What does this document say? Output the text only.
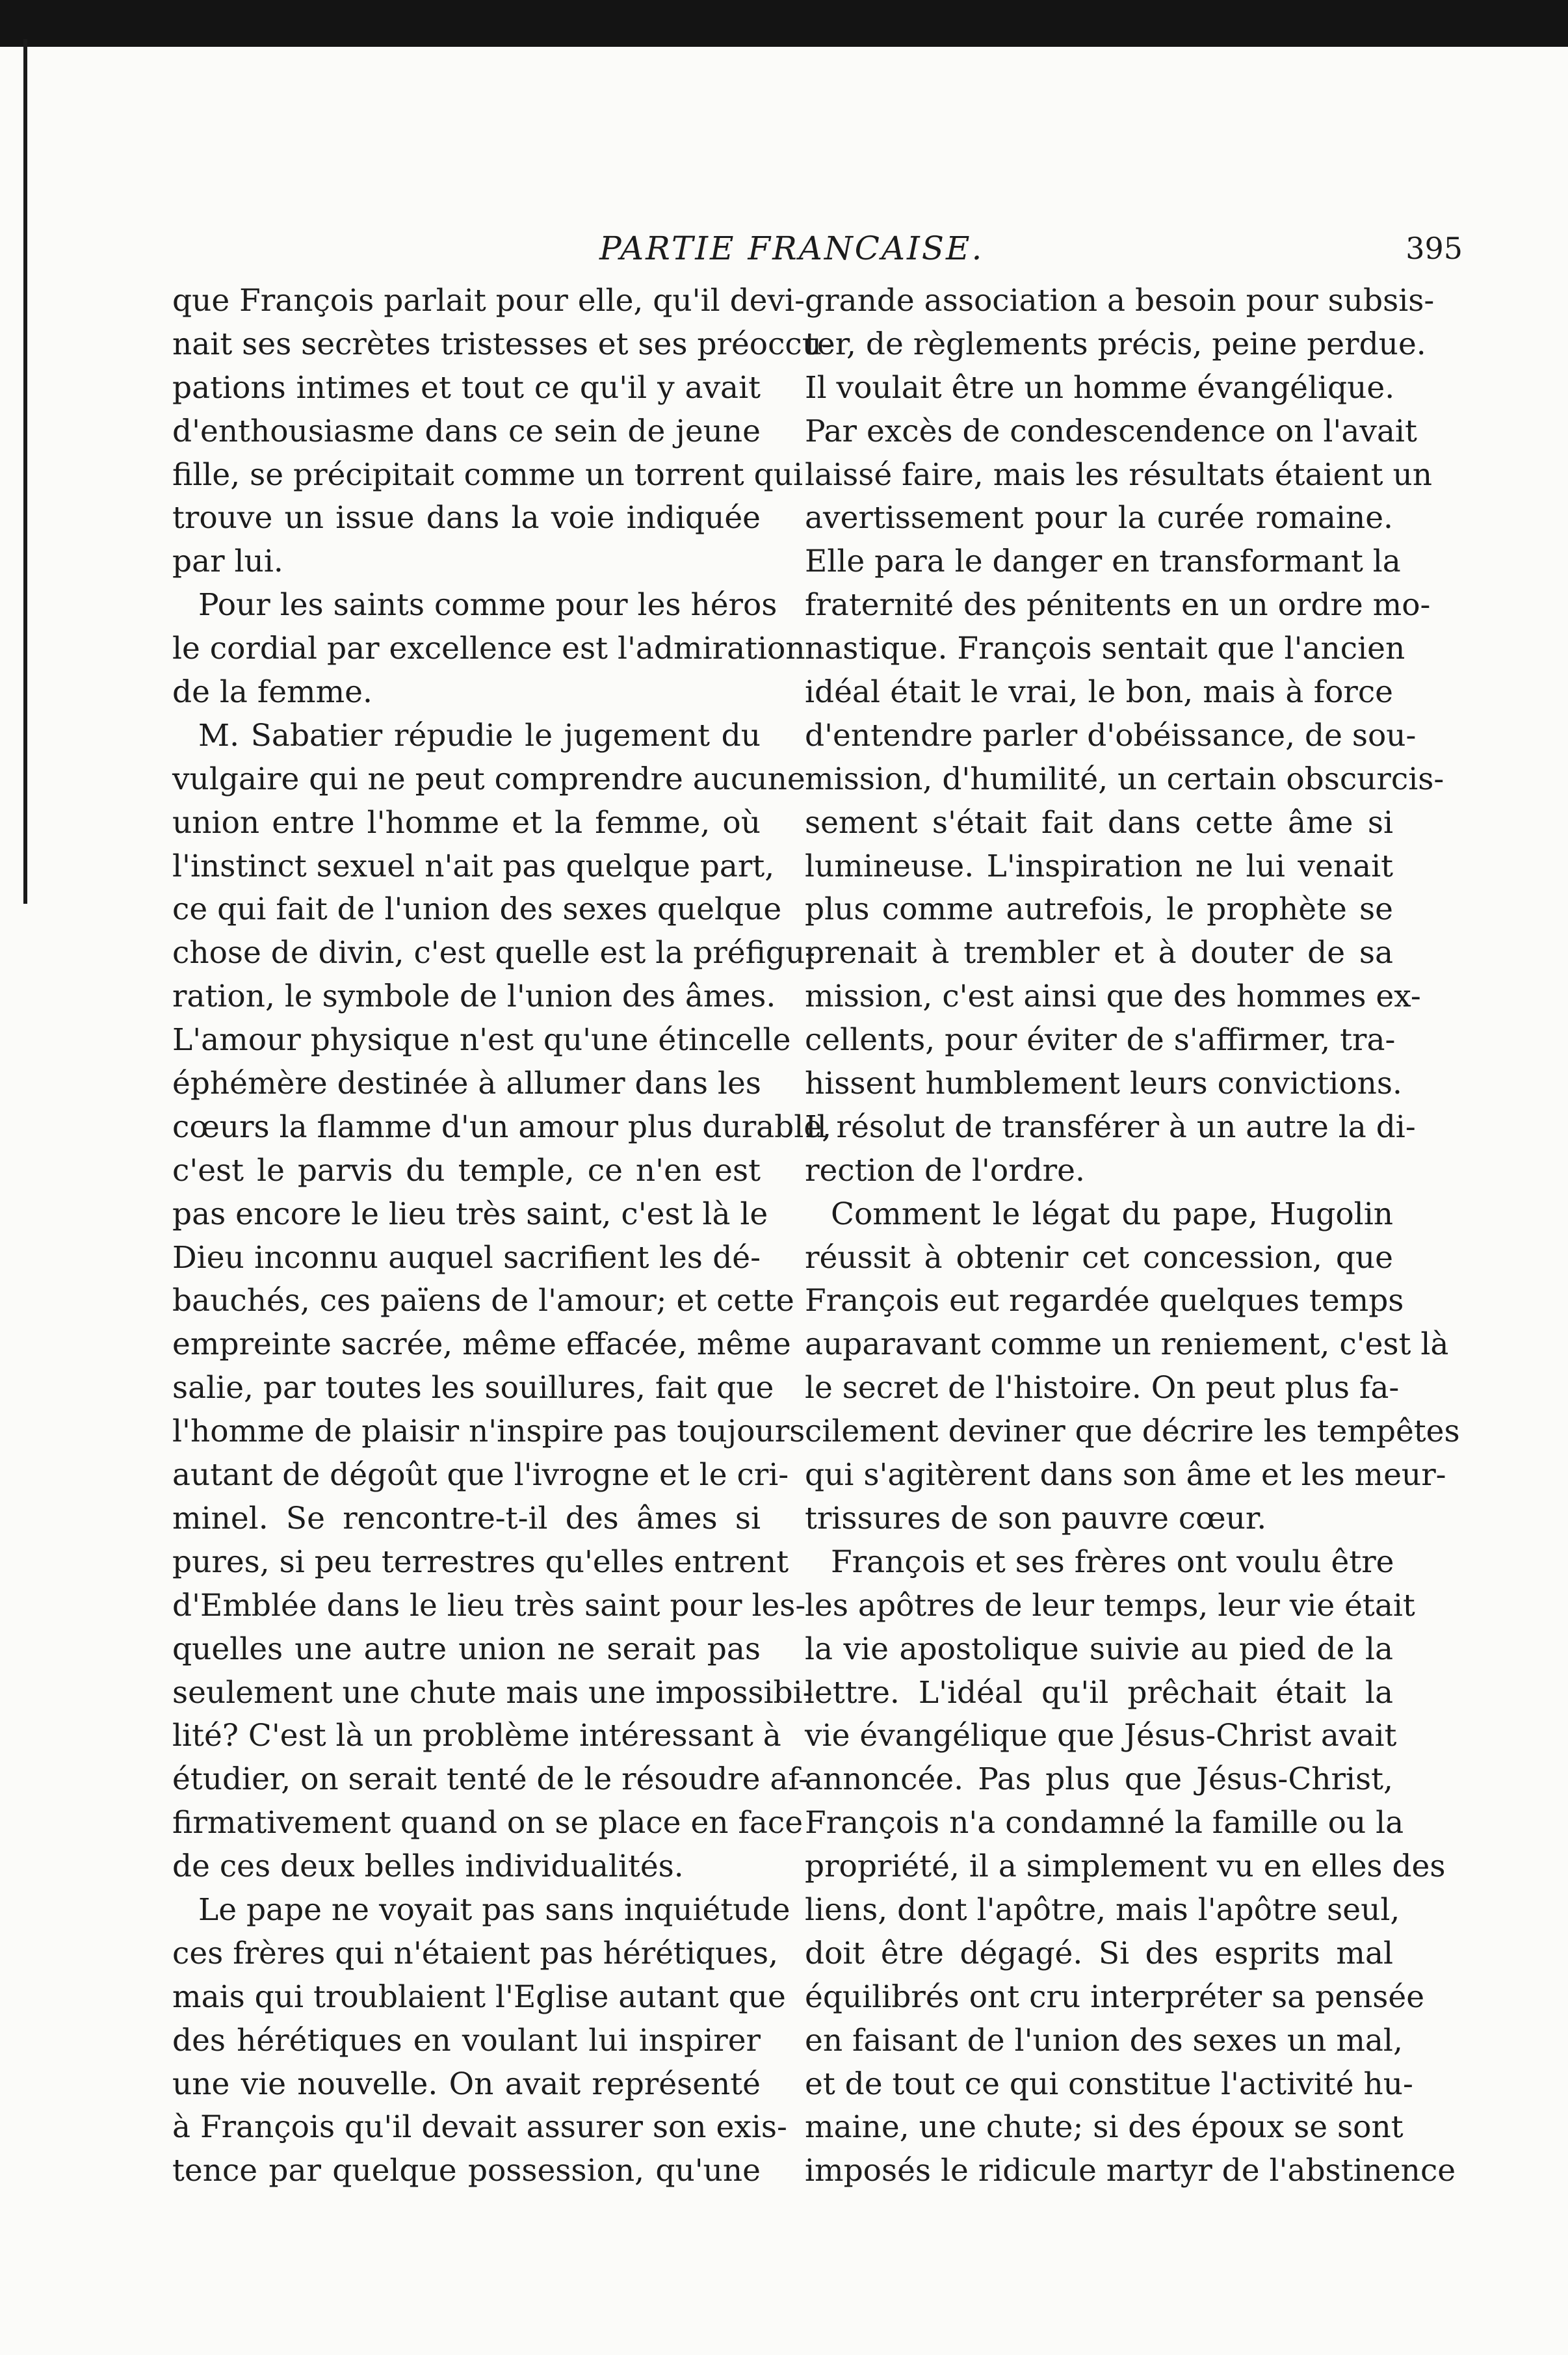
PARTIE FRANCAISE.	395
que François parlait pour elle, qu'il devi-
nait ses secrètes tristesses et ses préoccu-
pations intimes et tout ce qu'il y avait
d'enthousiasme dans ce sein de jeune
fille, se précipitait comme un torrent qui
trouve un issue dans la voie indiquée
par lui.
Pour les saints comme pour les héros
le cordial par excellence est l'admiration
de la femme.
M. Sabatier répudie le jugement du
vulgaire qui ne peut comprendre aucune
union entre l'homme et la femme, où
l'instinct sexuel n'ait pas quelque part,
ce qui fait de l'union des sexes quelque
chose de divin, c'est quelle est la préfigu-
ration, le symbole de l'union des âmes.
L'amour physique n'est qu'une étincelle
éphémère destinée à allumer dans les
cœurs la flamme d'un amour plus durable,
c'est le parvis du temple, ce n'en est
pas encore le lieu très saint, c'est là le
Dieu inconnu auquel sacrifient les dé-
bauchés, ces païens de l'amour; et cette
empreinte sacrée, même effacée, même
salie, par toutes les souillures, fait que
l'homme de plaisir n'inspire pas toujours
autant de dégoût que l'ivrogne et le cri-
minel. Se rencontre-t-il des âmes si
pures, si peu terrestres qu'elles entrent
d'Emblée dans le lieu très saint pour les-
quelles une autre union ne serait pas
seulement une chute mais une impossibi-
lité? C'est là un problème intéressant à
étudier, on serait tenté de le résoudre af-
firmativement quand on se place en face
de ces deux belles individualités.
Le pape ne voyait pas sans inquiétude
ces frères qui n'étaient pas hérétiques,
mais qui troublaient l'Eglise autant que
des hérétiques en voulant lui inspirer
une vie nouvelle. On avait représenté
à François qu'il devait assurer son exis-
tence par quelque possession, qu'une
grande association a besoin pour subsis-
ter, de règlements précis, peine perdue.
Il voulait être un homme évangélique.
Par excès de condescendence on l'avait
laissé faire, mais les résultats étaient un
avertissement pour la curée romaine.
Elle para le danger en transformant la
fraternité des pénitents en un ordre mo-
nastique. François sentait que l'ancien
idéal était le vrai, le bon, mais à force
d'entendre parler d'obéissance, de sou-
mission, d'humilité, un certain obscurcis-
sement s'était fait dans cette âme si
lumineuse. L'inspiration ne lui venait
plus comme autrefois, le prophète se
prenait à trembler et à douter de sa
mission, c'est ainsi que des hommes ex-
cellents, pour éviter de s'affirmer, tra-
hissent humblement leurs convictions.
Il résolut de transférer à un autre la di-
rection de l'ordre.
Comment le légat du pape, Hugolin
réussit à obtenir cet concession, que
François eut regardée quelques temps
auparavant comme un reniement, c'est là
le secret de l'histoire. On peut plus fa-
cilement deviner que décrire les tempêtes
qui s'agitèrent dans son âme et les meur-
trissures de son pauvre cœur.
François et ses frères ont voulu être
les apôtres de leur temps, leur vie était
la vie apostolique suivie au pied de la
lettre. L'idéal qu'il prêchait était la
vie évangélique que Jésus-Christ avait
annoncée. Pas plus que Jésus-Christ,
François n'a condamné la famille ou la
propriété, il a simplement vu en elles des
liens, dont l'apôtre, mais l'apôtre seul,
doit être dégagé. Si des esprits mal
équilibrés ont cru interpréter sa pensée
en faisant de l'union des sexes un mal,
et de tout ce qui constitue l'activité hu-
maine, une chute; si des époux se sont
imposés le ridicule martyr de l'abstinence
